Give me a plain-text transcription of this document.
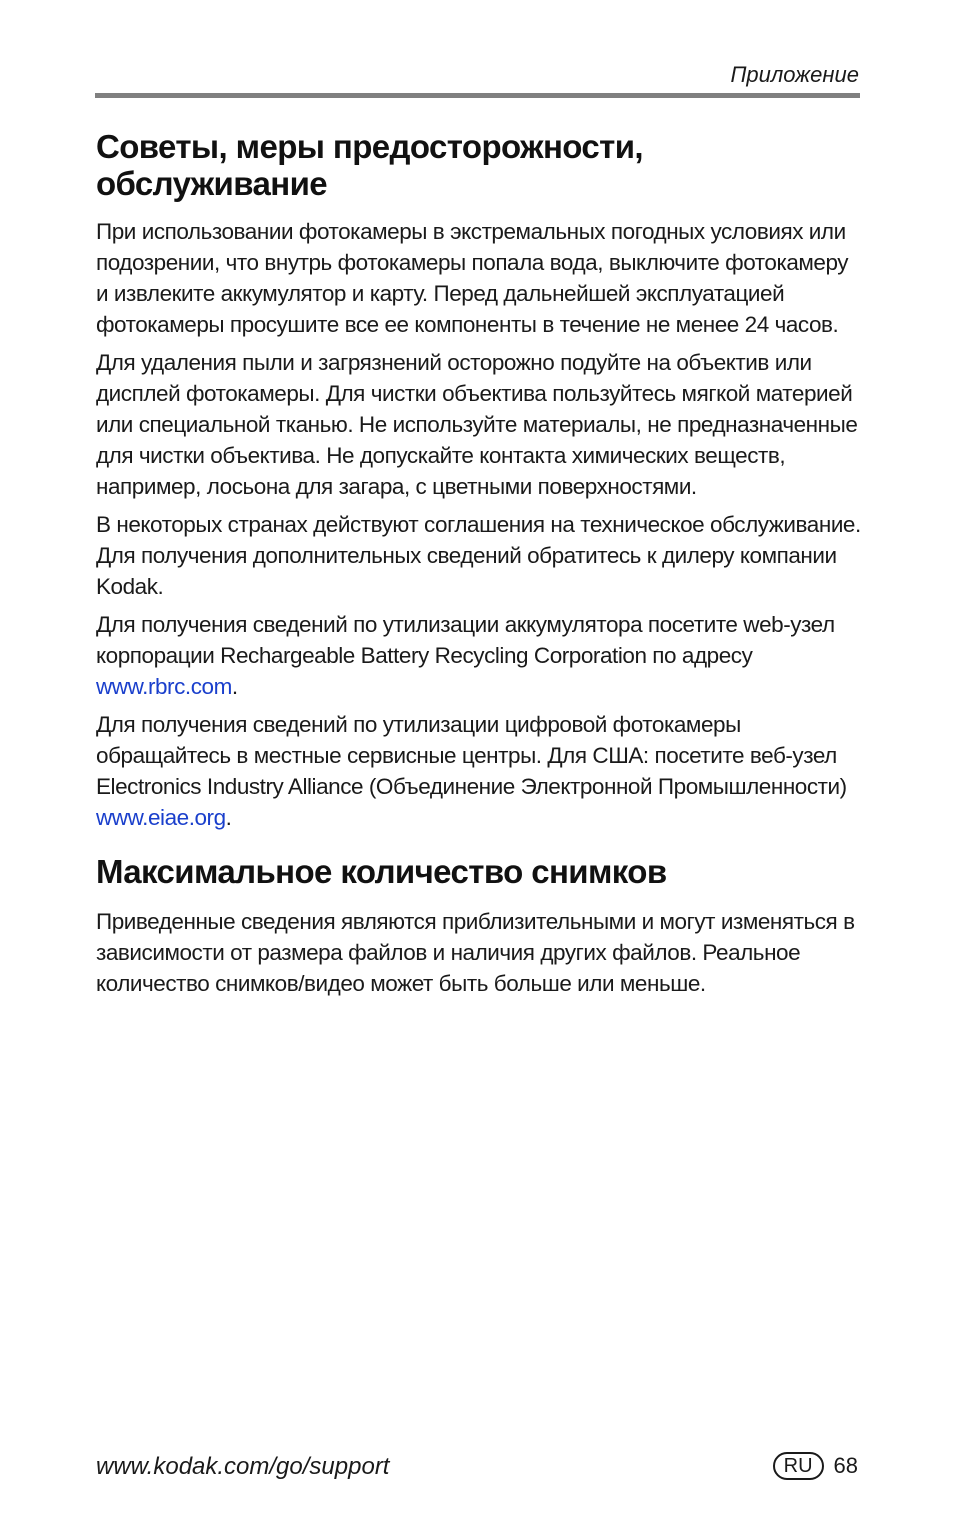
Приложение
Советы, меры предосторожности,
обслуживание

При использовании фотокамеры в экстремальных погодных условиях или подозрении, что внутрь фотокамеры попала вода, выключите фотокамеру и извлеките аккумулятор и карту. Перед дальнейшей эксплуатацией фотокамеры просушите все ее компоненты в течение не менее 24 часов.

Для удаления пыли и загрязнений осторожно подуйте на объектив или дисплей фотокамеры. Для чистки объектива пользуйтесь мягкой материей или специальной тканью. Не используйте материалы, не предназначенные для чистки объектива. Не допускайте контакта химических веществ, например, лосьона для загара, с цветными поверхностями.

В некоторых странах действуют соглашения на техническое обслуживание. Для получения дополнительных сведений обратитесь к дилеру компании Kodak.

Для получения сведений по утилизации аккумулятора посетите web-узел корпорации Rechargeable Battery Recycling Corporation по адресу www.rbrc.com.

Для получения сведений по утилизации цифровой фотокамеры обращайтесь в местные сервисные центры. Для США: посетите веб-узел Electronics Industry Alliance (Объединение Электронной Промышленности) www.eiae.org.

Максимальное количество снимков

Приведенные сведения являются приблизительными и могут изменяться в зависимости от размера файлов и наличия других файлов. Реальное количество снимков/видео может быть больше или меньше.

www.kodak.com/go/support	RU 68
